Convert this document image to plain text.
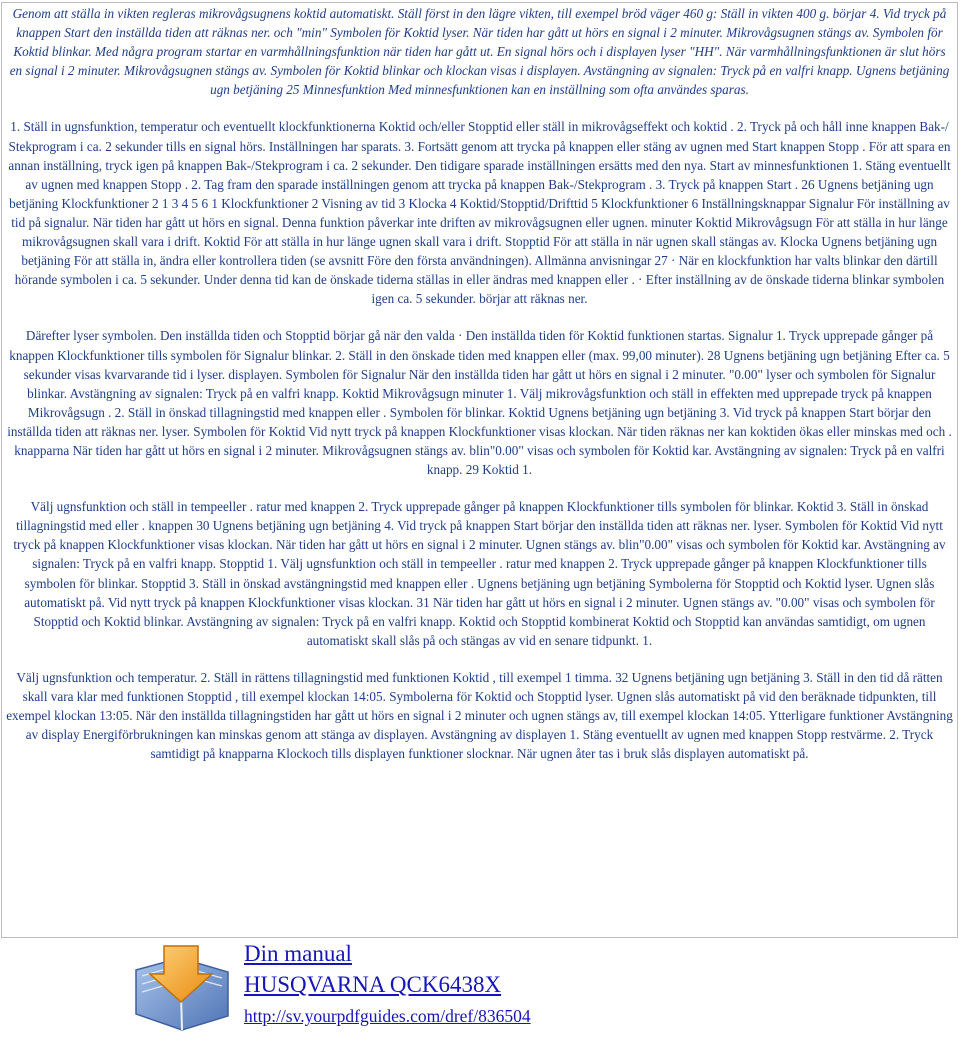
Genom att ställa in vikten regleras mikrovågsugnens koktid automatiskt. Ställ först in den lägre vikten, till exempel bröd väger 460 g: Ställ in vikten 400 g. börjar 4. Vid tryck på knappen Start den inställda tiden att räknas ner. och "min" Symbolen för Koktid lyser. När tiden har gått ut hörs en signal i 2 minuter. Mikrovågsugnen stängs av. Symbolen för Koktid blinkar. Med några program startar en varmhållningsfunktion när tiden har gått ut. En signal hörs och i displayen lyser "HH". När varmhållningsfunktionen är slut hörs en signal i 2 minuter. Mikrovågsugnen stängs av. Symbolen för Koktid blinkar och klockan visas i displayen. Avstängning av signalen: Tryck på en valfri knapp. Ugnens betjäning ugn betjäning 25 Minnesfunktion Med minnesfunktionen kan en inställning som ofta användes sparas.
1. Ställ in ugnsfunktion, temperatur och eventuellt klockfunktionerna Koktid och/eller Stopptid eller ställ in mikrovågseffekt och koktid . 2. Tryck på och håll inne knappen Bak-/ Stekprogram i ca. 2 sekunder tills en signal hörs. Inställningen har sparats. 3. Fortsätt genom att trycka på knappen eller stäng av ugnen med Start knappen Stopp . För att spara en annan inställning, tryck igen på knappen Bak-/Stekprogram i ca. 2 sekunder. Den tidigare sparade inställningen ersätts med den nya. Start av minnesfunktionen 1. Stäng eventuellt av ugnen med knappen Stopp . 2. Tag fram den sparade inställningen genom att trycka på knappen Bak-/Stekprogram . 3. Tryck på knappen Start . 26 Ugnens betjäning ugn betjäning Klockfunktioner 2 1 3 4 5 6 1 Klockfunktioner 2 Visning av tid 3 Klocka 4 Koktid/Stopptid/Drifttid 5 Klockfunktioner 6 Inställningsknappar Signalur För inställning av tid på signalur. När tiden har gått ut hörs en signal. Denna funktion påverkar inte driften av mikrovågsugnen eller ugnen. minuter Koktid Mikrovågsugn För att ställa in hur länge mikrovågsugnen skall vara i drift. Koktid För att ställa in hur länge ugnen skall vara i drift. Stopptid För att ställa in när ugnen skall stängas av. Klocka Ugnens betjäning ugn betjäning För att ställa in, ändra eller kontrollera tiden (se avsnitt Före den första användningen). Allmänna anvisningar 27 · När en klockfunktion har valts blinkar den därtill hörande symbolen i ca. 5 sekunder. Under denna tid kan de önskade tiderna ställas in eller ändras med knappen eller . · Efter inställning av de önskade tiderna blinkar symbolen igen ca. 5 sekunder. börjar att räknas ner.
Därefter lyser symbolen. Den inställda tiden och Stopptid börjar gå när den valda · Den inställda tiden för Koktid funktionen startas. Signalur 1. Tryck upprepade gånger på knappen Klockfunktioner tills symbolen för Signalur blinkar. 2. Ställ in den önskade tiden med knappen eller (max. 99,00 minuter). 28 Ugnens betjäning ugn betjäning Efter ca. 5 sekunder visas kvarvarande tid i lyser. displayen. Symbolen för Signalur När den inställda tiden har gått ut hörs en signal i 2 minuter. "0.00" lyser och symbolen för Signalur blinkar. Avstängning av signalen: Tryck på en valfri knapp. Koktid Mikrovågsugn minuter 1. Välj mikrovågsfunktion och ställ in effekten med upprepade tryck på knappen Mikrovågsugn . 2. Ställ in önskad tillagningstid med knappen eller . Symbolen för blinkar. Koktid Ugnens betjäning ugn betjäning 3. Vid tryck på knappen Start börjar den inställda tiden att räknas ner. lyser. Symbolen för Koktid Vid nytt tryck på knappen Klockfunktioner visas klockan. När tiden räknas ner kan koktiden ökas eller minskas med och . knapparna När tiden har gått ut hörs en signal i 2 minuter. Mikrovågsugnen stängs av. blin"0.00" visas och symbolen för Koktid kar. Avstängning av signalen: Tryck på en valfri knapp. 29 Koktid 1.
Välj ugnsfunktion och ställ in tempeeller . ratur med knappen 2. Tryck upprepade gånger på knappen Klockfunktioner tills symbolen för blinkar. Koktid 3. Ställ in önskad tillagningstid med eller . knappen 30 Ugnens betjäning ugn betjäning 4. Vid tryck på knappen Start börjar den inställda tiden att räknas ner. lyser. Symbolen för Koktid Vid nytt tryck på knappen Klockfunktioner visas klockan. När tiden har gått ut hörs en signal i 2 minuter. Ugnen stängs av. blin"0.00" visas och symbolen för Koktid kar. Avstängning av signalen: Tryck på en valfri knapp. Stopptid 1. Välj ugnsfunktion och ställ in tempeeller . ratur med knappen 2. Tryck upprepade gånger på knappen Klockfunktioner tills symbolen för blinkar. Stopptid 3. Ställ in önskad avstängningstid med knappen eller . Ugnens betjäning ugn betjäning Symbolerna för Stopptid och Koktid lyser. Ugnen slås automatiskt på. Vid nytt tryck på knappen Klockfunktioner visas klockan. 31 När tiden har gått ut hörs en signal i 2 minuter. Ugnen stängs av. "0.00" visas och symbolen för Stopptid och Koktid blinkar. Avstängning av signalen: Tryck på en valfri knapp. Koktid och Stopptid kombinerat Koktid och Stopptid kan användas samtidigt, om ugnen automatiskt skall slås på och stängas av vid en senare tidpunkt. 1.
Välj ugnsfunktion och temperatur. 2. Ställ in rättens tillagningstid med funktionen Koktid , till exempel 1 timma. 32 Ugnens betjäning ugn betjäning 3. Ställ in den tid då rätten skall vara klar med funktionen Stopptid , till exempel klockan 14:05. Symbolerna för Koktid och Stopptid lyser. Ugnen slås automatiskt på vid den beräknade tidpunkten, till exempel klockan 13:05. När den inställda tillagningstiden har gått ut hörs en signal i 2 minuter och ugnen stängs av, till exempel klockan 14:05. Ytterligare funktioner Avstängning av display Energiförbrukningen kan minskas genom att stänga av displayen. Avstängning av displayen 1. Stäng eventuellt av ugnen med knappen Stopp restvärme. 2. Tryck samtidigt på knapparna Klockoch tills displayen funktioner slocknar. När ugnen åter tas i bruk slås displayen automatiskt på.
Din manual
HUSQVARNA QCK6438X
http://sv.yourpdfguides.com/dref/836504
